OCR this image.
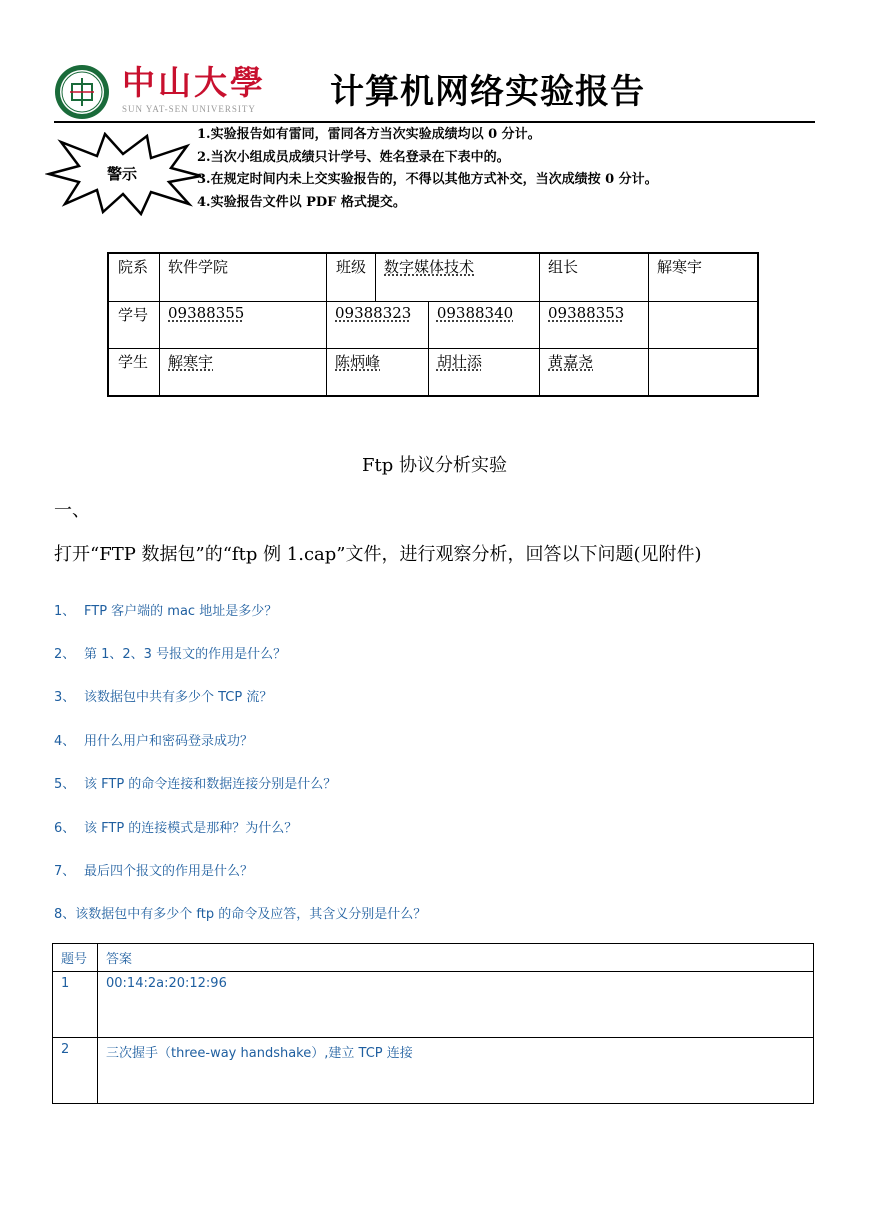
中山大學
SUN YAT-SEN UNIVERSITY 计算机网络实验报告
警示
1.实验报告如有雷同，雷同各方当次实验成绩均以 0 分计。
2.当次小组成员成绩只计学号、姓名登录在下表中的。
3.在规定时间内未上交实验报告的，不得以其他方式补交，当次成绩按 0 分计。
4.实验报告文件以 PDF 格式提交。
院系	软件学院	班级	数字媒体技术		组长	解寒宇
学号	09388355	09388323		09388340	09388353	
学生	解寒宇	陈炳峰		胡壮添	黄嘉尧	
Ftp 协议分析实验
一、
打开“FTP 数据包”的“ftp 例 1.cap”文件，进行观察分析，回答以下问题(见附件)
1、 FTP 客户端的 mac 地址是多少？
2、 第 1、2、3 号报文的作用是什么？
3、 该数据包中共有多少个 TCP 流？
4、 用什么用户和密码登录成功？
5、 该 FTP 的命令连接和数据连接分别是什么？
6、 该 FTP 的连接模式是那种？为什么？
7、 最后四个报文的作用是什么？
8、该数据包中有多少个 ftp 的命令及应答，其含义分别是什么？
题号	答案
1	00:14:2a:20:12:96
2	三次握手（three-way handshake）,建立 TCP 连接
